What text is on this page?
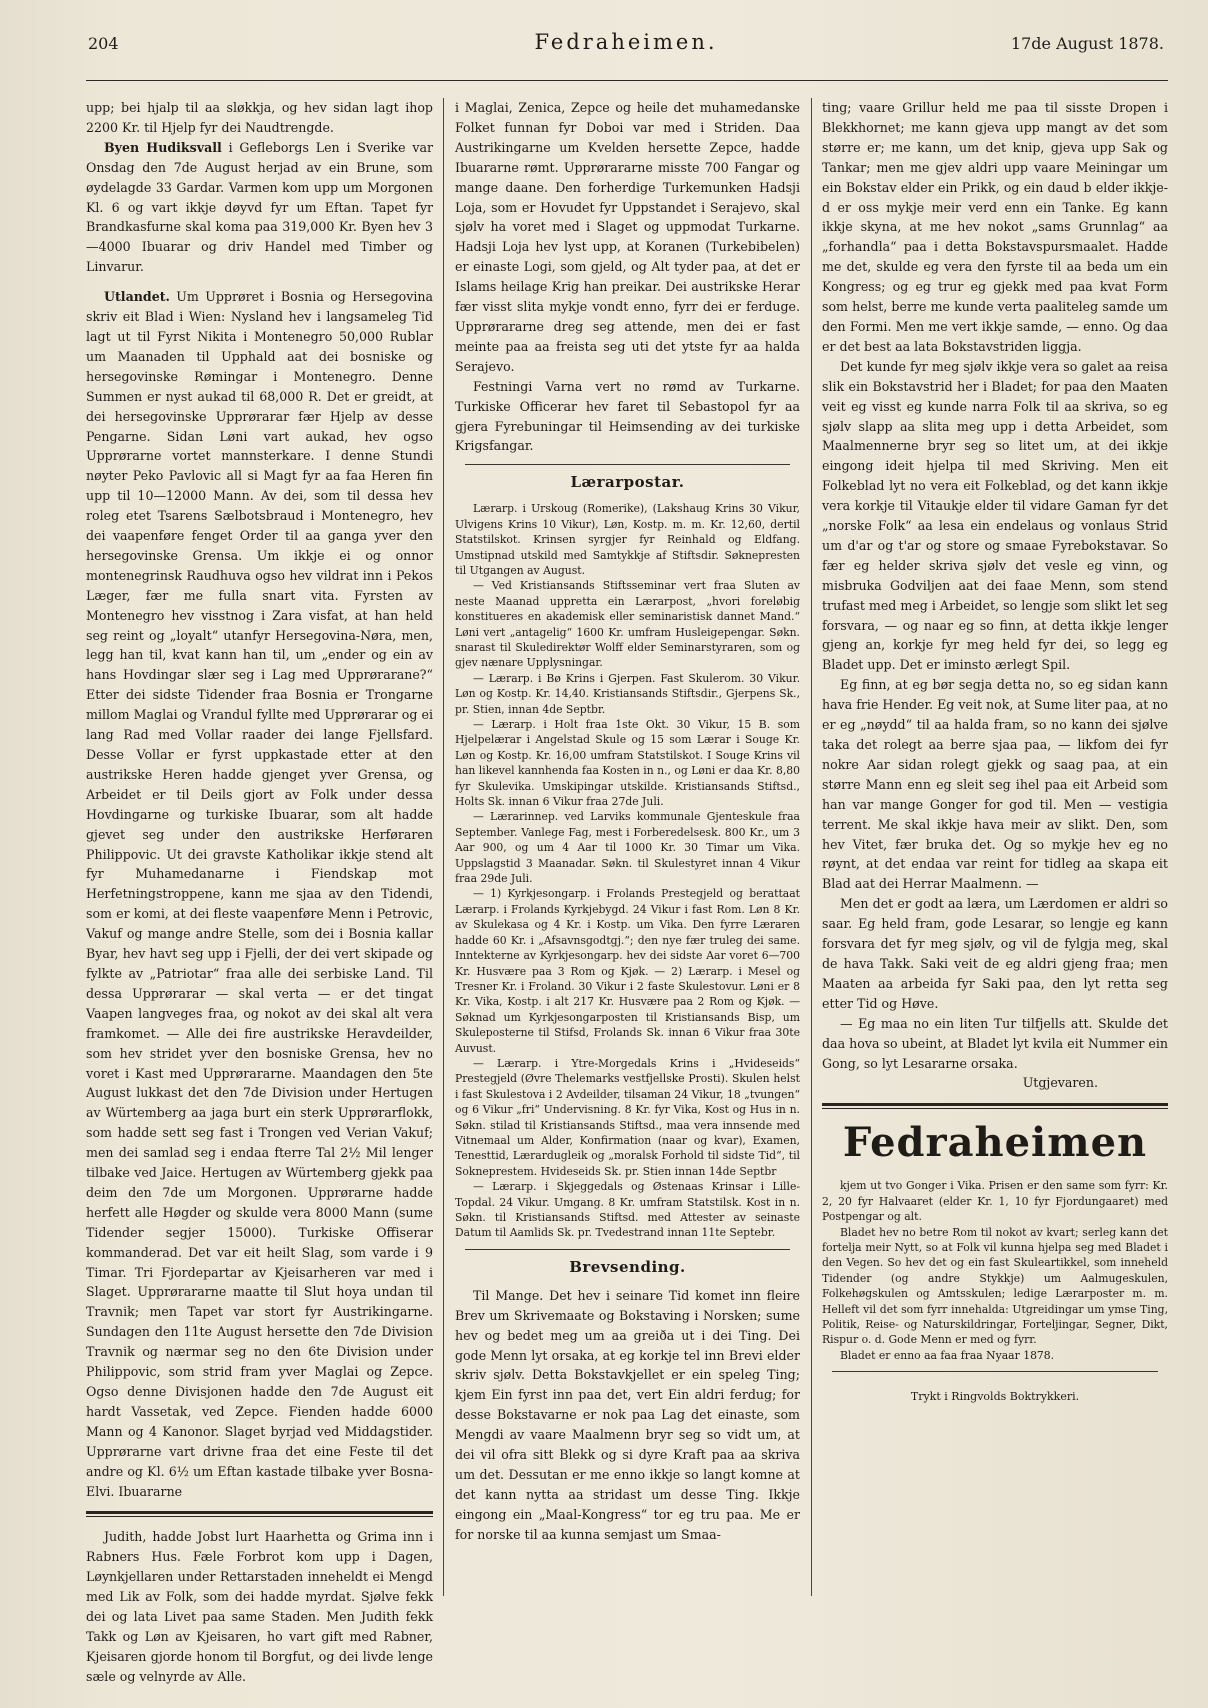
204	Fedraheimen.	17de August 1878.

upp; bei hjalp til aa sløkkja, og hev sidan lagt ihop 2200 Kr. til Hjelp fyr dei Naudtrengde.

Byen Hudiksvall i Gefleborgs Len i Sverike var Onsdag den 7de August herjad av ein Brune, som øydelagde 33 Gardar. Varmen kom upp um Morgonen Kl. 6 og vart ikkje døyvd fyr um Eftan. Tapet fyr Brandkasfurne skal koma paa 319,000 Kr. Byen hev 3—4000 Ibuarar og driv Handel med Timber og Linvarur.

Utlandet. Um Upprøret i Bosnia og Hersegovina skriv eit Blad i Wien: Nysland hev i langsameleg Tid lagt ut til Fyrst Nikita i Montenegro 50,000 Rublar um Maanaden til Upphald aat dei bosniske og hersegovinske Rømingar i Montenegro. Denne Summen er nyst aukad til 68,000 R. Det er greidt, at dei hersegovinske Upprørarar fær Hjelp av desse Pengarne. Sidan Løni vart aukad, hev ogso Upprørarne vortet mannsterkare. I denne Stundi nøyter Peko Pavlovic all si Magt fyr aa faa Heren fin upp til 10—12000 Mann. Av dei, som til dessa hev roleg etet Tsarens Sælbotsbraud i Montenegro, hev dei vaapenføre fenget Order til aa ganga yver den hersegovinske Grensa. Um ikkje ei og onnor montenegrinsk Raudhuva ogso hev vildrat inn i Pekos Læger, fær me fulla snart vita. Fyrsten av Montenegro hev visstnog i Zara visfat, at han held seg reint og „loyalt“ utanfyr Hersegovina-Nøra, men, legg han til, kvat kann han til, um „ender og ein av hans Hovdingar slær seg i Lag med Upprørarane?“ Etter dei sidste Tidender fraa Bosnia er Trongarne millom Maglai og Vrandul fyllte med Upprørarar og ei lang Rad med Vollar raader dei lange Fjellsfard. Desse Vollar er fyrst uppkastade etter at den austrikske Heren hadde gjenget yver Grensa, og Arbeidet er til Deils gjort av Folk under dessa Hovdingarne og turkiske Ibuarar, som alt hadde gjevet seg under den austrikske Herføraren Philippovic. Ut dei gravste Katholikar ikkje stend alt fyr Muhamedanarne i Fiendskap mot Herfetningstroppene, kann me sjaa av den Tidendi, som er komi, at dei fleste vaapenføre Menn i Petrovic, Vakuf og mange andre Stelle, som dei i Bosnia kallar Byar, hev havt seg upp i Fjelli, der dei vert skipade og fylkte av „Patriotar“ fraa alle dei serbiske Land. Til dessa Upprørarar — skal verta — er det tingat Vaapen langveges fraa, og nokot av dei skal alt vera framkomet. — Alle dei fire austrikske Heravdeilder, som hev stridet yver den bosniske Grensa, hev no voret i Kast med Upprørararne. Maandagen den 5te August lukkast det den 7de Division under Hertugen av Würtemberg aa jaga burt ein sterk Upprørarflokk, som hadde sett seg fast i Trongen ved Verian Vakuf; men dei samlad seg i endaa fterre Tal 2½ Mil lenger tilbake ved Jaice. Hertugen av Würtemberg gjekk paa deim den 7de um Morgonen. Upprørarne hadde herfett alle Høgder og skulde vera 8000 Mann (sume Tidender segjer 15000). Turkiske Offiserar kommanderad. Det var eit heilt Slag, som varde i 9 Timar. Tri Fjordepartar av Kjeisarheren var med i Slaget. Upprørararne maatte til Slut hoya undan til Travnik; men Tapet var stort fyr Austrikingarne. Sundagen den 11te August hersette den 7de Division Travnik og nærmar seg no den 6te Division under Philippovic, som strid fram yver Maglai og Zepce. Ogso denne Divisjonen hadde den 7de August eit hardt Vassetak, ved Zepce. Fienden hadde 6000 Mann og 4 Kanonor. Slaget byrjad ved Middagstider. Upprørarne vart drivne fraa det eine Feste til det andre og Kl. 6½ um Eftan kastade tilbake yver Bosna-Elvi. Ibuararne

Judith, hadde Jobst lurt Haarhetta og Grima inn i Rabners Hus. Fæle Forbrot kom upp i Dagen, Løynkjellaren under Rettarstaden inneheldt ei Mengd med Lik av Folk, som dei hadde myrdat. Sjølve fekk dei og lata Livet paa same Staden. Men Judith fekk Takk og Løn av Kjeisaren, ho vart gift med Rabner, Kjeisaren gjorde honom til Borgfut, og dei livde lenge sæle og velnyrde av Alle.

i Maglai, Zenica, Zepce og heile det muhamedanske Folket funnan fyr Doboi var med i Striden. Daa Austrikingarne um Kvelden hersette Zepce, hadde Ibuararne rømt. Upprørararne misste 700 Fangar og mange daane. Den forherdige Turkemunken Hadsji Loja, som er Hovudet fyr Uppstandet i Serajevo, skal sjølv ha voret med i Slaget og uppmodat Turkarne. Hadsji Loja hev lyst upp, at Koranen (Turkebibelen) er einaste Logi, som gjeld, og Alt tyder paa, at det er Islams heilage Krig han preikar. Dei austrikske Herar fær visst slita mykje vondt enno, fyrr dei er ferduge. Upprørararne dreg seg attende, men dei er fast meinte paa aa freista seg uti det ytste fyr aa halda Serajevo.

Festningi Varna vert no rømd av Turkarne. Turkiske Officerar hev faret til Sebastopol fyr aa gjera Fyrebuningar til Heimsending av dei turkiske Krigsfangar.

Lærarpostar.

Lærarp. i Urskoug (Romerike), (Lakshaug Krins 30 Vikur, Ulvigens Krins 10 Vikur), Løn, Kostp. m. m. Kr. 12,60, dertil Statstilskot. Krinsen syrgjer fyr Reinhald og Eldfang. Umstipnad utskild med Samtykkje af Stiftsdir. Søknepresten til Utgangen av August.

— Ved Kristiansands Stiftsseminar vert fraa Sluten av neste Maanad uppretta ein Lærarpost, „hvori foreløbig konstitueres en akademisk eller seminaristisk dannet Mand.“ Løni vert „antagelig“ 1600 Kr. umfram Husleigepengar. Søkn. snarast til Skuledirektør Wolff elder Seminarstyraren, som og gjev nænare Upplysningar.

— Lærarp. i Bø Krins i Gjerpen. Fast Skulerom. 30 Vikur. Løn og Kostp. Kr. 14,40. Kristiansands Stiftsdir., Gjerpens Sk., pr. Stien, innan 4de Septbr.

— Lærarp. i Holt fraa 1ste Okt. 30 Vikur, 15 B. som Hjelpelærar i Angelstad Skule og 15 som Lærar i Souge Kr. Løn og Kostp. Kr. 16,00 umfram Statstilskot. I Souge Krins vil han likevel kannhenda faa Kosten in n., og Løni er daa Kr. 8,80 fyr Skulevika. Umskipingar utskilde. Kristiansands Stiftsd., Holts Sk. innan 6 Vikur fraa 27de Juli.

— Lærarinnep. ved Larviks kommunale Gjenteskule fraa September. Vanlege Fag, mest i Forberedelsesk. 800 Kr., um 3 Aar 900, og um 4 Aar til 1000 Kr. 30 Timar um Vika. Uppslagstid 3 Maanadar. Søkn. til Skulestyret innan 4 Vikur fraa 29de Juli.

— 1) Kyrkjesongarp. i Frolands Prestegjeld og berattaat Lærarp. i Frolands Kyrkjebygd. 24 Vikur i fast Rom. Løn 8 Kr. av Skulekasa og 4 Kr. i Kostp. um Vika. Den fyrre Læraren hadde 60 Kr. i „Afsavnsgodtgj.“; den nye fær truleg dei same. Inntekterne av Kyrkjesongarp. hev dei sidste Aar voret 6—700 Kr. Husvære paa 3 Rom og Kjøk. — 2) Lærarp. i Mesel og Tresner Kr. i Froland. 30 Vikur i 2 faste Skulestovur. Løni er 8 Kr. Vika, Kostp. i alt 217 Kr. Husvære paa 2 Rom og Kjøk. — Søknad um Kyrkjesongarposten til Kristiansands Bisp, um Skuleposterne til Stifsd, Frolands Sk. innan 6 Vikur fraa 30te Auvust.

— Lærarp. i Ytre-Morgedals Krins i „Hvideseids“ Prestegjeld (Øvre Thelemarks vestfjellske Prosti). Skulen helst i fast Skulestova i 2 Avdeilder, tilsaman 24 Vikur, 18 „tvungen“ og 6 Vikur „fri“ Undervisning. 8 Kr. fyr Vika, Kost og Hus in n. Søkn. stilad til Kristiansands Stiftsd., maa vera innsende med Vitnemaal um Alder, Konfirmation (naar og kvar), Examen, Tenesttid, Lærardugleik og „moralsk Forhold til sidste Tid“, til Sokneprestem. Hvideseids Sk. pr. Stien innan 14de Septbr

— Lærarp. i Skjeggedals og Østenaas Krinsar i Lille-Topdal. 24 Vikur. Umgang. 8 Kr. umfram Statstilsk. Kost in n. Søkn. til Kristiansands Stiftsd. med Attester av seinaste Datum til Aamlids Sk. pr. Tvedestrand innan 11te Septebr.

Brevsending.

Til Mange. Det hev i seinare Tid komet inn fleire Brev um Skrivemaate og Bokstaving i Norsken; sume hev og bedet meg um aa greiða ut i dei Ting. Dei gode Menn lyt orsaka, at eg korkje tel inn Brevi elder skriv sjølv. Detta Bokstavkjellet er ein speleg Ting; kjem Ein fyrst inn paa det, vert Ein aldri ferdug; for desse Bokstavarne er nok paa Lag det einaste, som Mengdi av vaare Maalmenn bryr seg so vidt um, at dei vil ofra sitt Blekk og si dyre Kraft paa aa skriva um det. Dessutan er me enno ikkje so langt komne at det kann nytta aa stridast um desse Ting. Ikkje eingong ein „Maal-Kongress“ tor eg tru paa. Me er for norske til aa kunna semjast um Smaa-

ting; vaare Grillur held me paa til sisste Dropen i Blekkhornet; me kann gjeva upp mangt av det som større er; me kann, um det knip, gjeva upp Sak og Tankar; men me gjev aldri upp vaare Meiningar um ein Bokstav elder ein Prikk, og ein daud b elder ikkje-d er oss mykje meir verd enn ein Tanke. Eg kann ikkje skyna, at me hev nokot „sams Grunnlag“ aa „forhandla“ paa i detta Bokstavspursmaalet. Hadde me det, skulde eg vera den fyrste til aa beda um ein Kongress; og eg trur eg gjekk med paa kvat Form som helst, berre me kunde verta paaliteleg samde um den Formi. Men me vert ikkje samde, — enno. Og daa er det best aa lata Bokstavstriden liggja.

Det kunde fyr meg sjølv ikkje vera so galet aa reisa slik ein Bokstavstrid her i Bladet; for paa den Maaten veit eg visst eg kunde narra Folk til aa skriva, so eg sjølv slapp aa slita meg upp i detta Arbeidet, som Maalmennerne bryr seg so litet um, at dei ikkje eingong ideit hjelpa til med Skriving. Men eit Folkeblad lyt no vera eit Folkeblad, og det kann ikkje vera korkje til Vitaukje elder til vidare Gaman fyr det „norske Folk“ aa lesa ein endelaus og vonlaus Strid um d'ar og t'ar og store og smaae Fyrebokstavar. So fær eg helder skriva sjølv det vesle eg vinn, og misbruka Godviljen aat dei faae Menn, som stend trufast med meg i Arbeidet, so lengje som slikt let seg forsvara, — og naar eg so finn, at detta ikkje lenger gjeng an, korkje fyr meg held fyr dei, so legg eg Bladet upp. Det er iminsto ærlegt Spil.

Eg finn, at eg bør segja detta no, so eg sidan kann hava frie Hender. Eg veit nok, at Sume liter paa, at no er eg „nøydd“ til aa halda fram, so no kann dei sjølve taka det rolegt aa berre sjaa paa, — likfom dei fyr nokre Aar sidan rolegt gjekk og saag paa, at ein større Mann enn eg sleit seg ihel paa eit Arbeid som han var mange Gonger for god til. Men — vestigia terrent. Me skal ikkje hava meir av slikt. Den, som hev Vitet, fær bruka det. Og so mykje hev eg no røynt, at det endaa var reint for tidleg aa skapa eit Blad aat dei Herrar Maalmenn. —

Men det er godt aa læra, um Lærdomen er aldri so saar. Eg held fram, gode Lesarar, so lengje eg kann forsvara det fyr meg sjølv, og vil de fylgja meg, skal de hava Takk. Saki veit de eg aldri gjeng fraa; men Maaten aa arbeida fyr Saki paa, den lyt retta seg etter Tid og Høve.

— Eg maa no ein liten Tur tilfjells att. Skulde det daa hova so ubeint, at Bladet lyt kvila eit Nummer ein Gong, so lyt Lesararne orsaka.

Utgjevaren.

Fedraheimen

kjem ut tvo Gonger i Vika. Prisen er den same som fyrr: Kr. 2, 20 fyr Halvaaret (elder Kr. 1, 10 fyr Fjordungaaret) med Postpengar og alt.

Bladet hev no betre Rom til nokot av kvart; serleg kann det fortelja meir Nytt, so at Folk vil kunna hjelpa seg med Bladet i den Vegen. So hev det og ein fast Skuleartikkel, som inneheld Tidender (og andre Stykkje) um Aalmugeskulen, Folkehøgskulen og Amtsskulen; ledige Lærarposter m. m. Helleft vil det som fyrr innehalda: Utgreidingar um ymse Ting, Politik, Reise- og Naturskildringar, Forteljingar, Segner, Dikt, Rispur o. d. Gode Menn er med og fyrr.

Bladet er enno aa faa fraa Nyaar 1878.

Trykt i Ringvolds Boktrykkeri.
